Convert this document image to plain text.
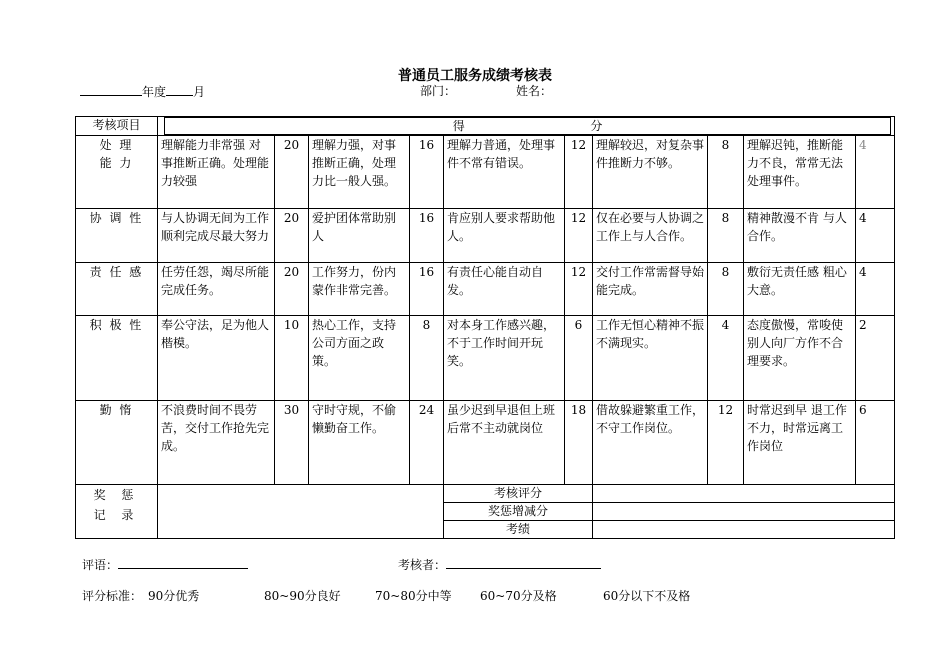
普通员工服务成绩考核表
年度 月	部门：	姓名：
考核项目	得 分									

处 理
能 力	理解能力非常强 对事推断正确。处理能力较强	20	理解力强，对事推断正确，处理力比一般人强。	16	理解力普通，处理事件不常有错误。	12	理解较迟，对复杂事件推断力不够。	8	理解迟钝，推断能力不良，常常无法 处理事件。	4
协 调 性	与人协调无间为工作顺利完成尽最大努力	20	爱护团体常助别人	16	肯应别人要求帮助他人。	12	仅在必要与人协调之工作上与人合作。	8	精神散漫不肯 与人合作。	4
责 任 感	任劳任怨，竭尽所能完成任务。	20	工作努力，份内蒙作非常完善。	16	有责任心能自动自发。	12	交付工作常需督导始能完成。	8	敷衍无责任感 粗心大意。	4
积 极 性	奉公守法，足为他人楷模。	10	热心工作，支持公司方面之政策。	8	对本身工作感兴趣，不于工作时间开玩笑。	6	工作无恒心精神不振不满现实。	4	态度傲慢，常唆使别人向厂方作不合理要求。	2
勤 惰	不浪费时间不畏劳苦，交付工作抢先完成。	30	守时守规，不偷懒勤奋工作。	24	虽少迟到早退但上班后常不主动就岗位	18	借故躲避繁重工作，不守工作岗位。	12	时常迟到早 退工作不力，时常远离工作岗位	6

奖 惩
记 录					考核评分					
					奖惩增减分					
					考绩					
评语：	考核者：
评分标准： 90分优秀	80~90分良好	70~80分中等 60~70分及格	60分以下不及格
